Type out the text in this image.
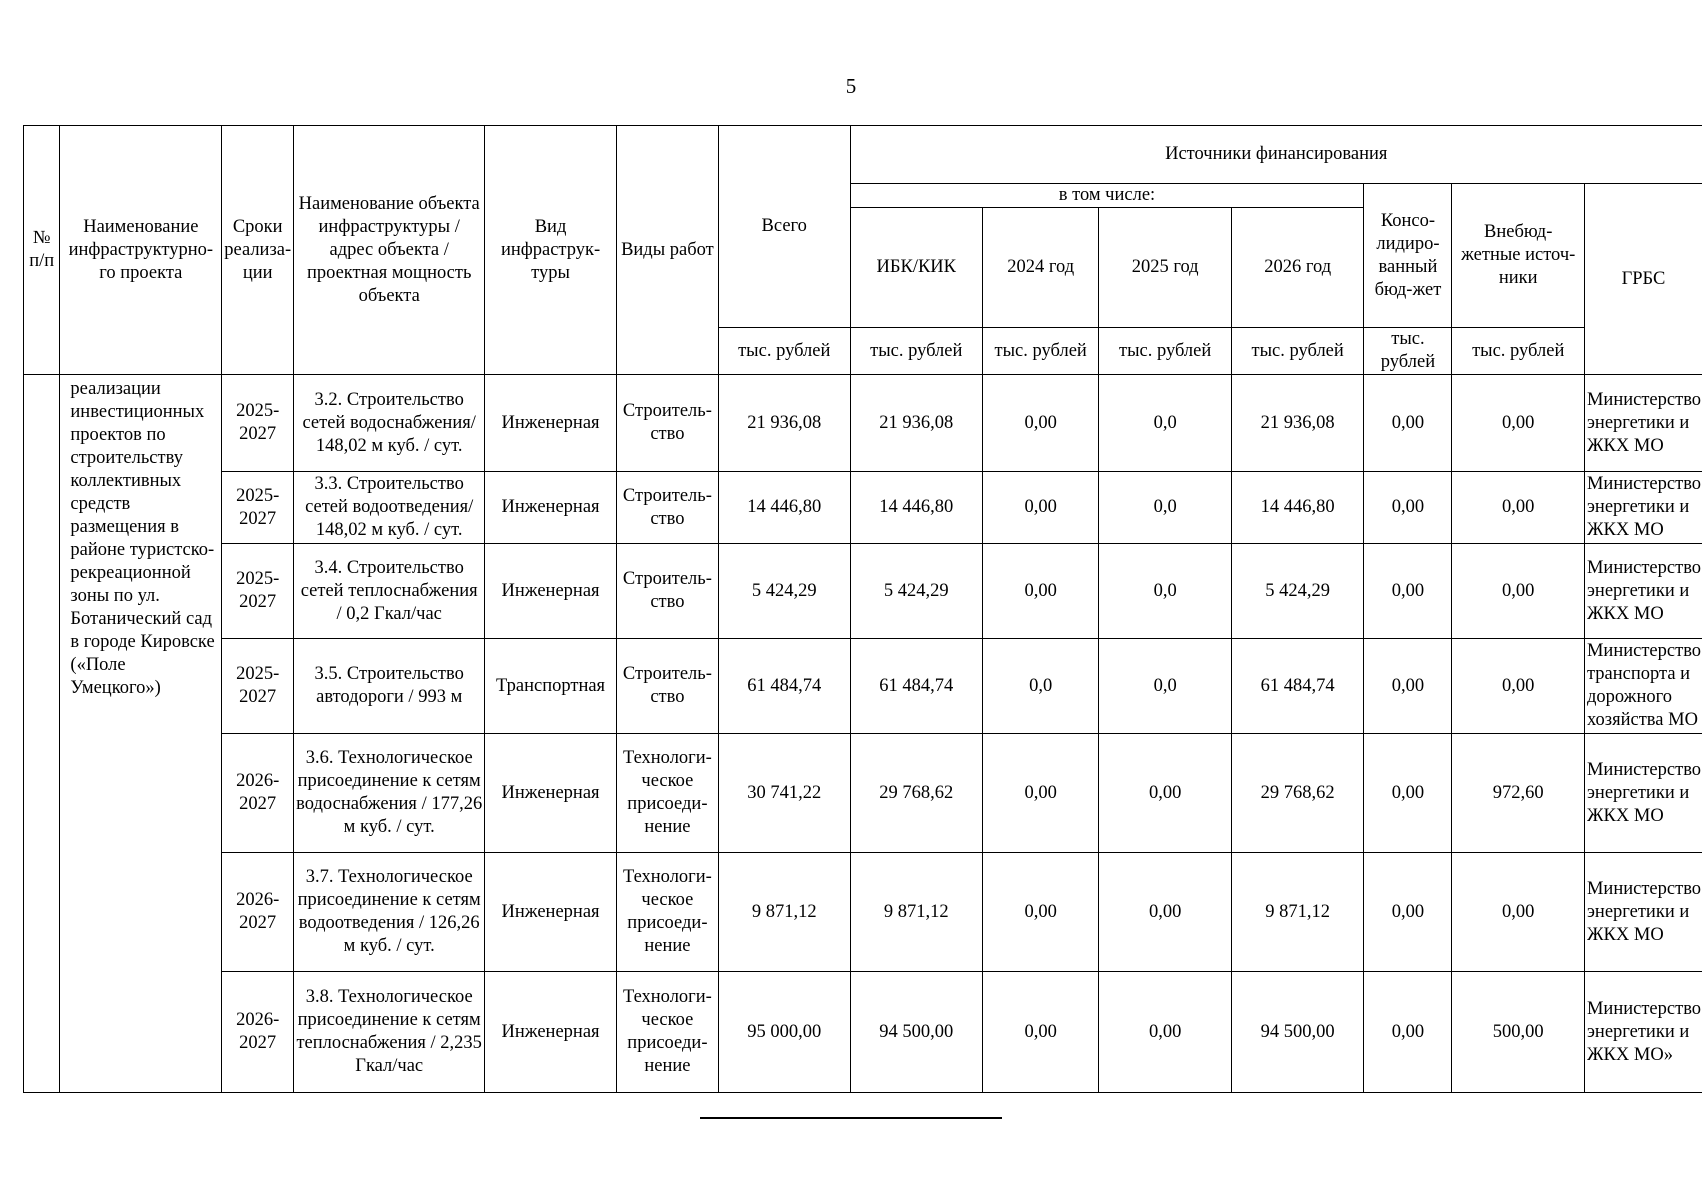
5
№ п/п	Наименование инфраструктурно-го проекта	Сроки реализа-ции	Наименование объекта инфраструктуры / адрес объекта / проектная мощность объекта	Вид инфраструк-туры	Виды работ	Всего	Источники финансирования						
							в том числе:				Консо-лидиро-ванный бюд-жет	Внебюд-жетные источ-ники	ГРБС
							ИБК/КИК	2024 год	2025 год	2026 год			
						тыс. рублей	тыс. рублей	тыс. рублей	тыс. рублей	тыс. рублей	тыс. рублей	тыс. рублей	
	реализации инвестиционных проектов по строительству коллективных средств размещения в районе туристско-рекреационной зоны по ул. Ботанический сад в городе Кировске («Поле Умецкого»)	2025-2027	3.2. Строительство сетей водоснабжения/ 148,02 м куб. / сут.	Инженерная	Строитель-ство	21 936,08	21 936,08	0,00	0,0	21 936,08	0,00	0,00	Министерство энергетики и ЖКХ МО
		2025-2027	3.3. Строительство сетей водоотведения/ 148,02 м куб. / сут.	Инженерная	Строитель-ство	14 446,80	14 446,80	0,00	0,0	14 446,80	0,00	0,00	Министерство энергетики и ЖКХ МО
		2025-2027	3.4. Строительство сетей теплоснабжения / 0,2 Гкал/час	Инженерная	Строитель-ство	5 424,29	5 424,29	0,00	0,0	5 424,29	0,00	0,00	Министерство энергетики и ЖКХ МО
		2025-2027	3.5. Строительство автодороги / 993 м	Транспортная	Строитель-ство	61 484,74	61 484,74	0,0	0,0	61 484,74	0,00	0,00	Министерство транспорта и дорожного хозяйства МО
		2026-2027	3.6. Технологическое присоединение к сетям водоснабжения / 177,26 м куб. / сут.	Инженерная	Технологи-ческое присоеди-нение	30 741,22	29 768,62	0,00	0,00	29 768,62	0,00	972,60	Министерство энергетики и ЖКХ МО
		2026-2027	3.7. Технологическое присоединение к сетям водоотведения / 126,26 м куб. / сут.	Инженерная	Технологи-ческое присоеди-нение	9 871,12	9 871,12	0,00	0,00	9 871,12	0,00	0,00	Министерство энергетики и ЖКХ МО
		2026-2027	3.8. Технологическое присоединение к сетям теплоснабжения / 2,235 Гкал/час	Инженерная	Технологи-ческое присоеди-нение	95 000,00	94 500,00	0,00	0,00	94 500,00	0,00	500,00	Министерство энергетики и ЖКХ МО»
